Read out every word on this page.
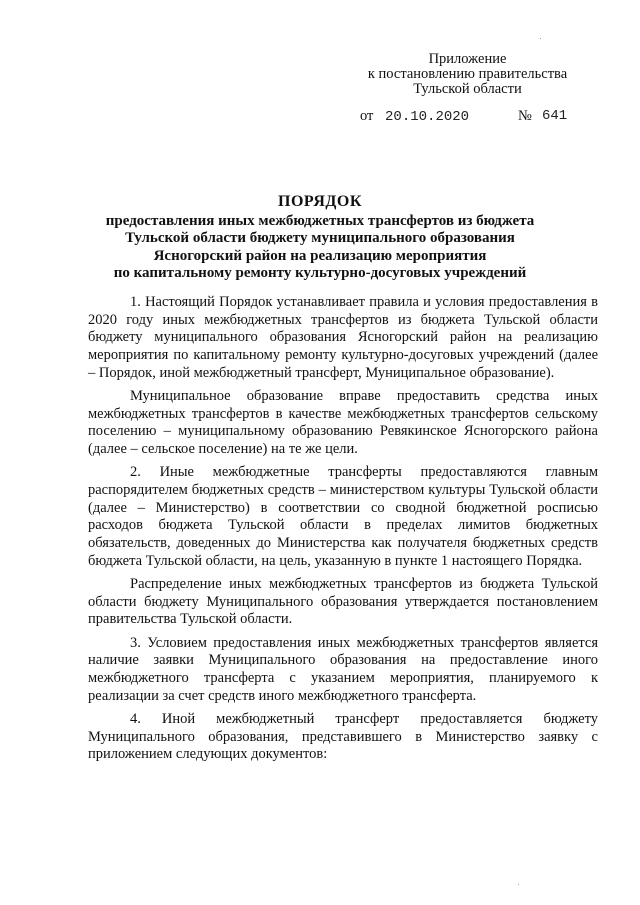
Приложение
к постановлению правительства
Тульской области
от 20.10.2020	№ 641
ПОРЯДОК
предоставления иных межбюджетных трансфертов из бюджета
Тульской области бюджету муниципального образования
Ясногорский район на реализацию мероприятия
по капитальному ремонту культурно-досуговых учреждений

1. Настоящий Порядок устанавливает правила и условия предоставления в 2020 году иных межбюджетных трансфертов из бюджета Тульской области бюджету муниципального образования Ясногорский район на реализацию мероприятия по капитальному ремонту культурно-досуговых учреждений (далее – Порядок, иной межбюджетный трансферт, Муниципальное образование).

Муниципальное образование вправе предоставить средства иных межбюджетных трансфертов в качестве межбюджетных трансфертов сельскому поселению – муниципальному образованию Ревякинское Ясногорского района (далее – сельское поселение) на те же цели.

2. Иные межбюджетные трансферты предоставляются главным распорядителем бюджетных средств – министерством культуры Тульской области (далее – Министерство) в соответствии со сводной бюджетной росписью расходов бюджета Тульской области в пределах лимитов бюджетных обязательств, доведенных до Министерства как получателя бюджетных средств бюджета Тульской области, на цель, указанную в пункте 1 настоящего Порядка.

Распределение иных межбюджетных трансфертов из бюджета Тульской области бюджету Муниципального образования утверждается постановлением правительства Тульской области.

3. Условием предоставления иных межбюджетных трансфертов является наличие заявки Муниципального образования на предоставление иного межбюджетного трансферта с указанием мероприятия, планируемого к реализации за счет средств иного межбюджетного трансферта.

4. Иной межбюджетный трансферт предоставляется бюджету Муниципального образования, представившего в Министерство заявку с приложением следующих документов:
